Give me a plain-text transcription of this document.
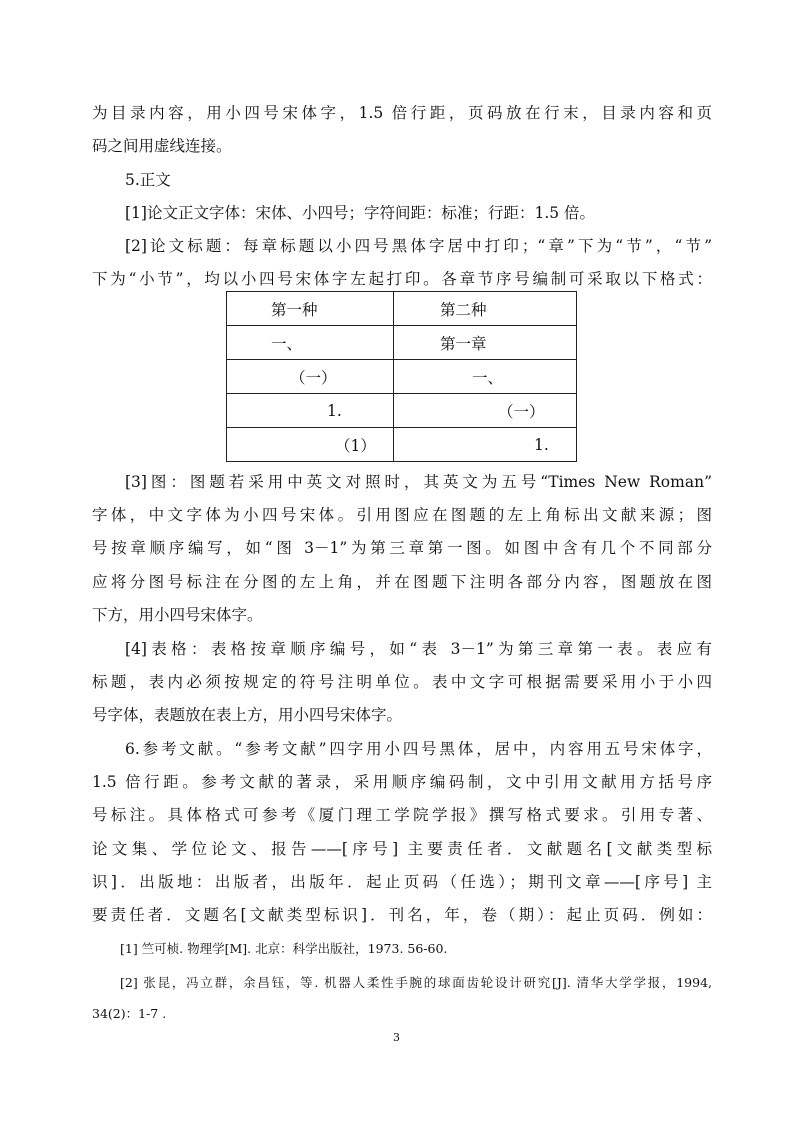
为目录内容，用小四号宋体字，1.5 倍行距，页码放在行末，目录内容和页
码之间用虚线连接。
5.正文
[1]论文正文字体：宋体、小四号；字符间距：标准；行距：1.5 倍。
[2]论文标题：每章标题以小四号黑体字居中打印；“章”下为“节”，“节”
下为“小节”，均以小四号宋体字左起打印。各章节序号编制可采取以下格式：
第一种	第二种
一、	第一章
（一）	一、
1.	（一）
（1）	1.
[3]图：图题若采用中英文对照时，其英文为五号“Times New Roman”
字体，中文字体为小四号宋体。引用图应在图题的左上角标出文献来源；图
号按章顺序编写，如“图 3－1”为第三章第一图。如图中含有几个不同部分
应将分图号标注在分图的左上角，并在图题下注明各部分内容，图题放在图
下方，用小四号宋体字。
[4]表格：表格按章顺序编号，如“表 3－1”为第三章第一表。表应有
标题，表内必须按规定的符号注明单位。表中文字可根据需要采用小于小四
号字体，表题放在表上方，用小四号宋体字。
6.参考文献。“参考文献”四字用小四号黑体，居中，内容用五号宋体字，
1.5 倍行距。参考文献的著录，采用顺序编码制，文中引用文献用方括号序
号标注。具体格式可参考《厦门理工学院学报》撰写格式要求。引用专著、
论文集、学位论文、报告——[序号] 主要责任者．文献题名[文献类型标
识]．出版地：出版者，出版年．起止页码（任选）；期刊文章——[序号] 主
要责任者．文题名[文献类型标识]．刊名，年，卷（期）：起止页码．例如：
[1] 竺可桢. 物理学[M]. 北京：科学出版社，1973. 56-60.
[2] 张昆，冯立群，余昌钰，等. 机器人柔性手腕的球面齿轮设计研究[J]. 清华大学学报，1994,
34(2)：1-7 .
3
